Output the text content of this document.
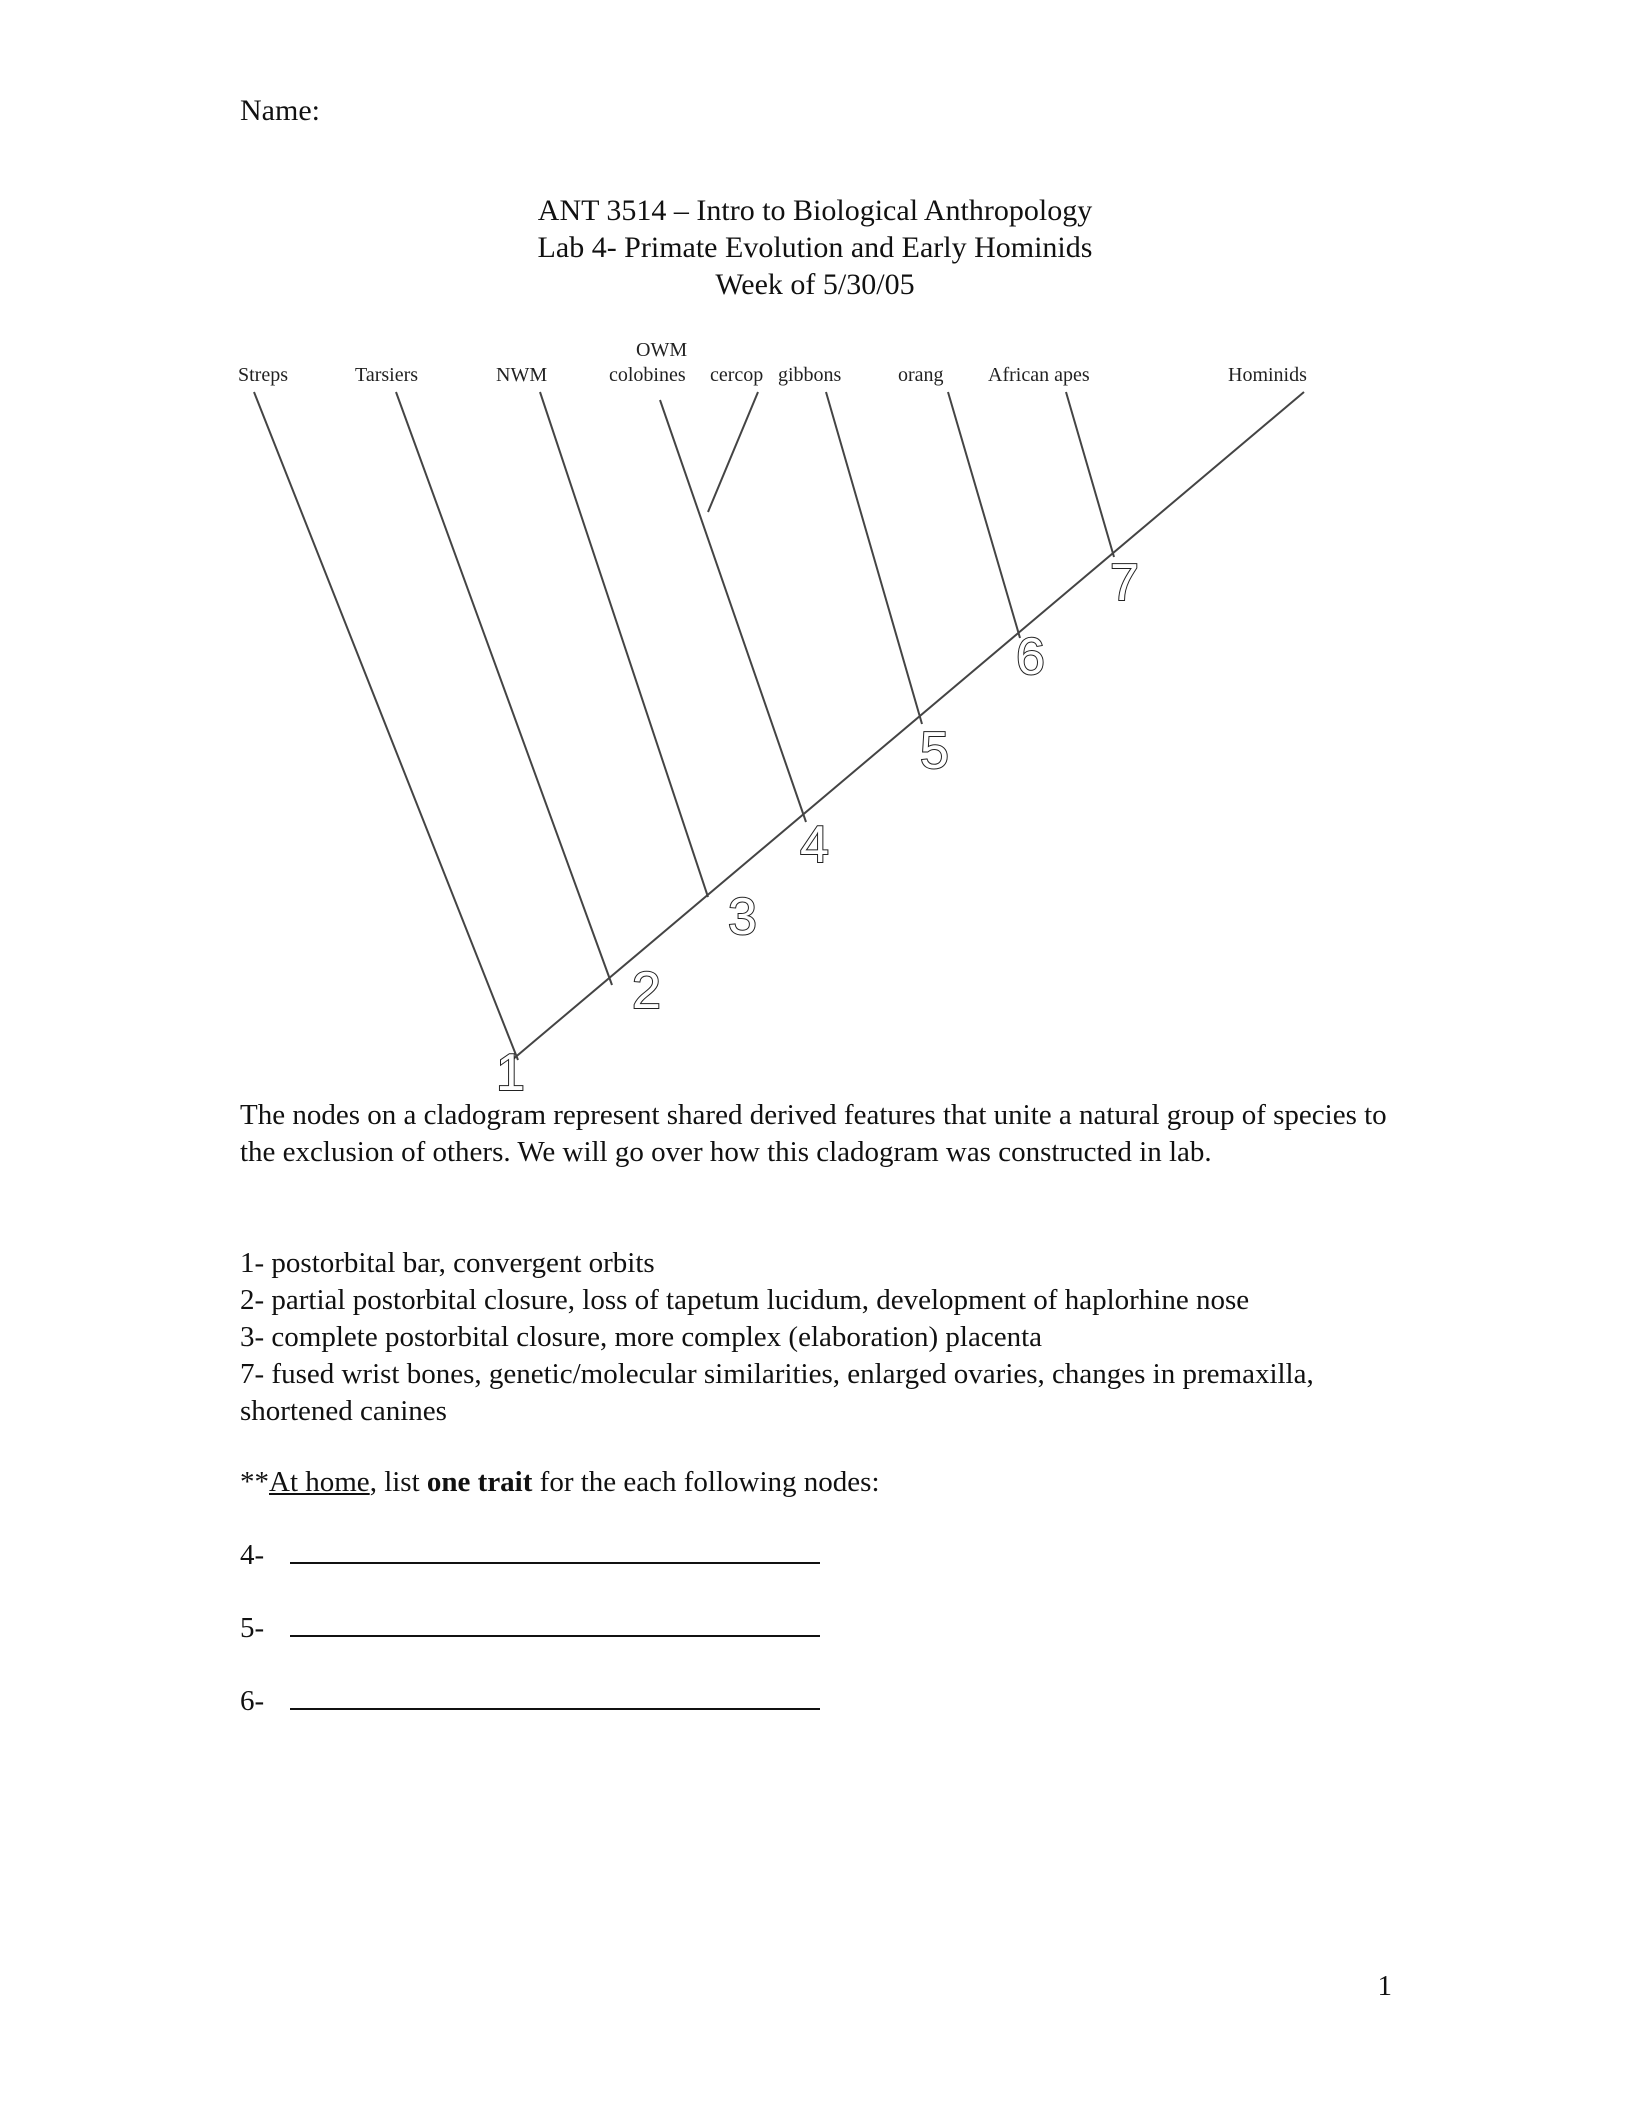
Name:
ANT 3514 – Intro to Biological Anthropology
Lab 4- Primate Evolution and Early Hominids
Week of 5/30/05
Streps	Tarsiers	NWM
OWM
colobines cercop gibbons	orang African apes	Hominids
1
2
3
4
5
6
7
The nodes on a cladogram represent shared derived features that unite a natural group of species to the exclusion of others. We will go over how this cladogram was constructed in lab.
1- postorbital bar, convergent orbits
2- partial postorbital closure, loss of tapetum lucidum, development of haplorhine nose
3- complete postorbital closure, more complex (elaboration) placenta
7- fused wrist bones, genetic/molecular similarities, enlarged ovaries, changes in premaxilla, shortened canines
**At home, list one trait for the each following nodes:
4-
5-
6-
1
